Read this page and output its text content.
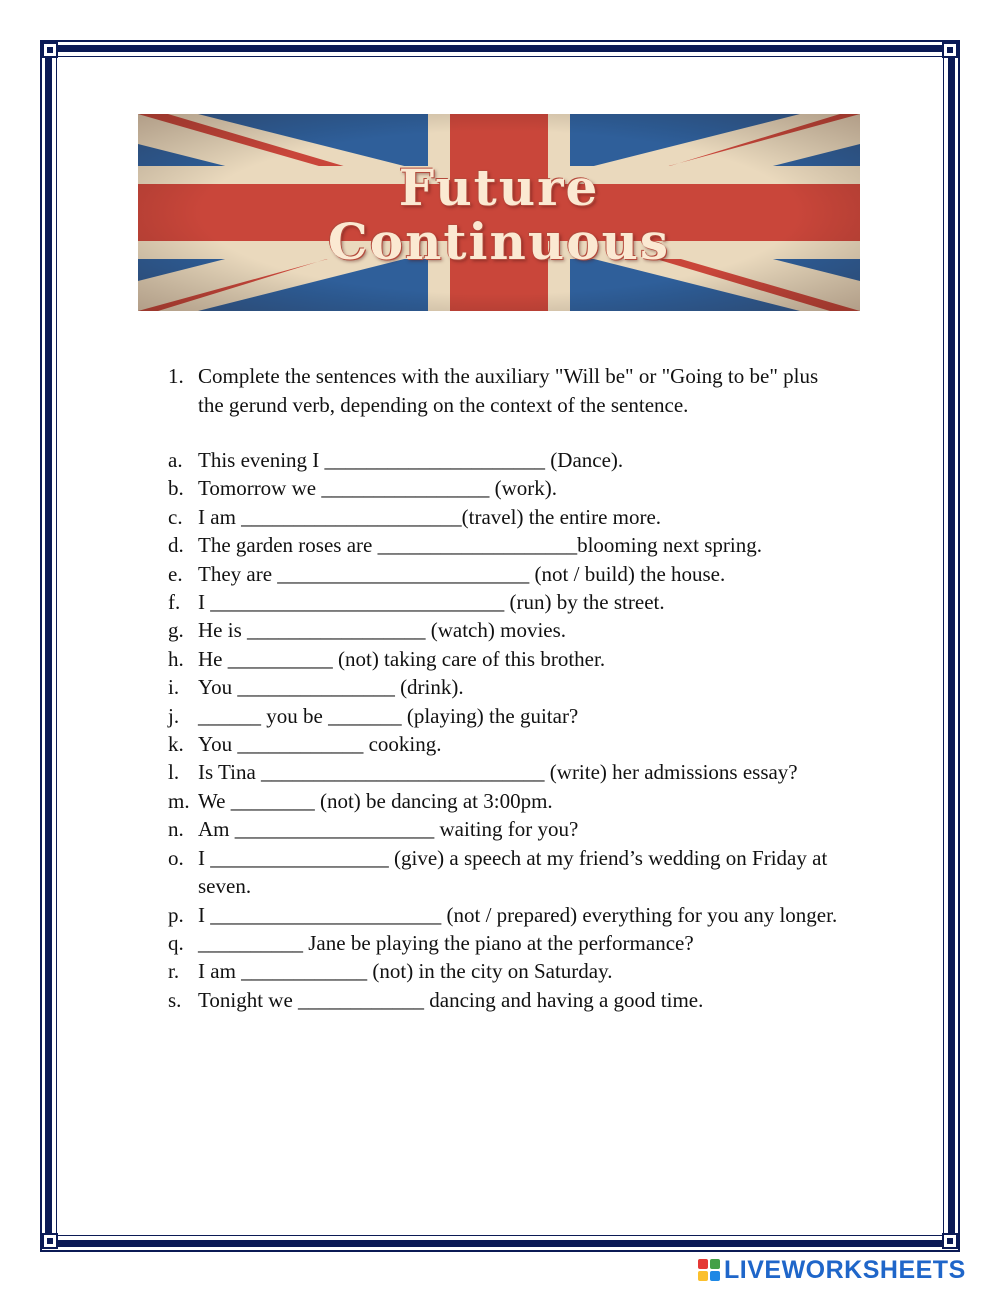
Future
Continuous
1. Complete the sentences with the auxiliary "Will be" or "Going to be" plus the gerund verb, depending on the context of the sentence.
a. This evening I _____________________ (Dance).
b. Tomorrow we ________________ (work).
c. I am _____________________(travel) the entire more.
d. The garden roses are ___________________blooming next spring.
e. They are ________________________ (not / build) the house.
f. I ____________________________ (run) by the street.
g. He is _________________ (watch) movies.
h. He __________ (not) taking care of this brother.
i. You _______________ (drink).
j. ______ you be _______ (playing) the guitar?
k. You ____________ cooking.
l. Is Tina ___________________________ (write) her admissions essay?
m. We ________ (not) be dancing at 3:00pm.
n. Am ___________________ waiting for you?
o. I _________________ (give) a speech at my friend’s wedding on Friday at seven.
p. I ______________________ (not / prepared) everything for you any longer.
q. __________ Jane be playing the piano at the performance?
r. I am ____________ (not) in the city on Saturday.
s. Tonight we ____________ dancing and having a good time.
LIVEWORKSHEETS
